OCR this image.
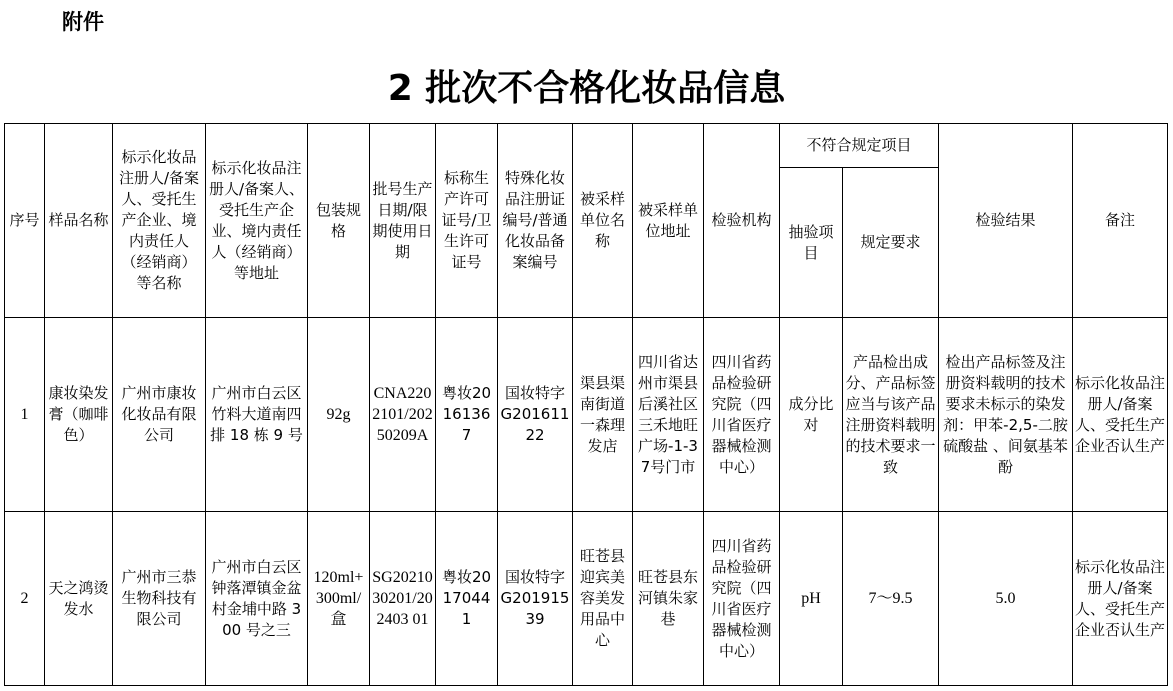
附件
2 批次不合格化妆品信息
序号	样品名称	标示化妆品注册人/备案人、受托生产企业、境内责任人（经销商）等名称	标示化妆品注册人/备案人、受托生产企业、境内责任人（经销商）等地址	包装规格	批号生产日期/限期使用日期	标称生产许可证号/卫生许可证号	特殊化妆品注册证编号/普通化妆品备案编号	被采样单位名称	被采样单位地址	检验机构	不符合规定项目		检验结果	备注
											抽验项目	规定要求		
1	康妆染发膏（咖啡色）	广州市康妆化妆品有限公司	广州市白云区竹料大道南四排 18 栋 9 号	92g	CNA2202101/20250209A	粤妆20161367	国妆特字G20161122	渠县渠南街道一森理发店	四川省达州市渠县后溪社区三禾地旺广场-1-37号门市	四川省药品检验研究院（四川省医疗器械检测中心）	成分比对	产品检出成分、产品标签应当与该产品注册资料载明的技术要求一致	检出产品标签及注册资料载明的技术要求未标示的染发剂：甲苯-2,5-二胺硫酸盐 、间氨基苯酚	标示化妆品注册人/备案人、受托生产企业否认生产
2	天之鸿烫发水	广州市三恭生物科技有限公司	广州市白云区钟落潭镇金盆村金埔中路 300 号之三	120ml+300ml/盒	SG2021030201/202403 01	粤妆20170441	国妆特字G20191539	旺苍县迎宾美容美发用品中心	旺苍县东河镇朱家巷	四川省药品检验研究院（四川省医疗器械检测中心）	pH	7～9.5	5.0	标示化妆品注册人/备案人、受托生产企业否认生产
